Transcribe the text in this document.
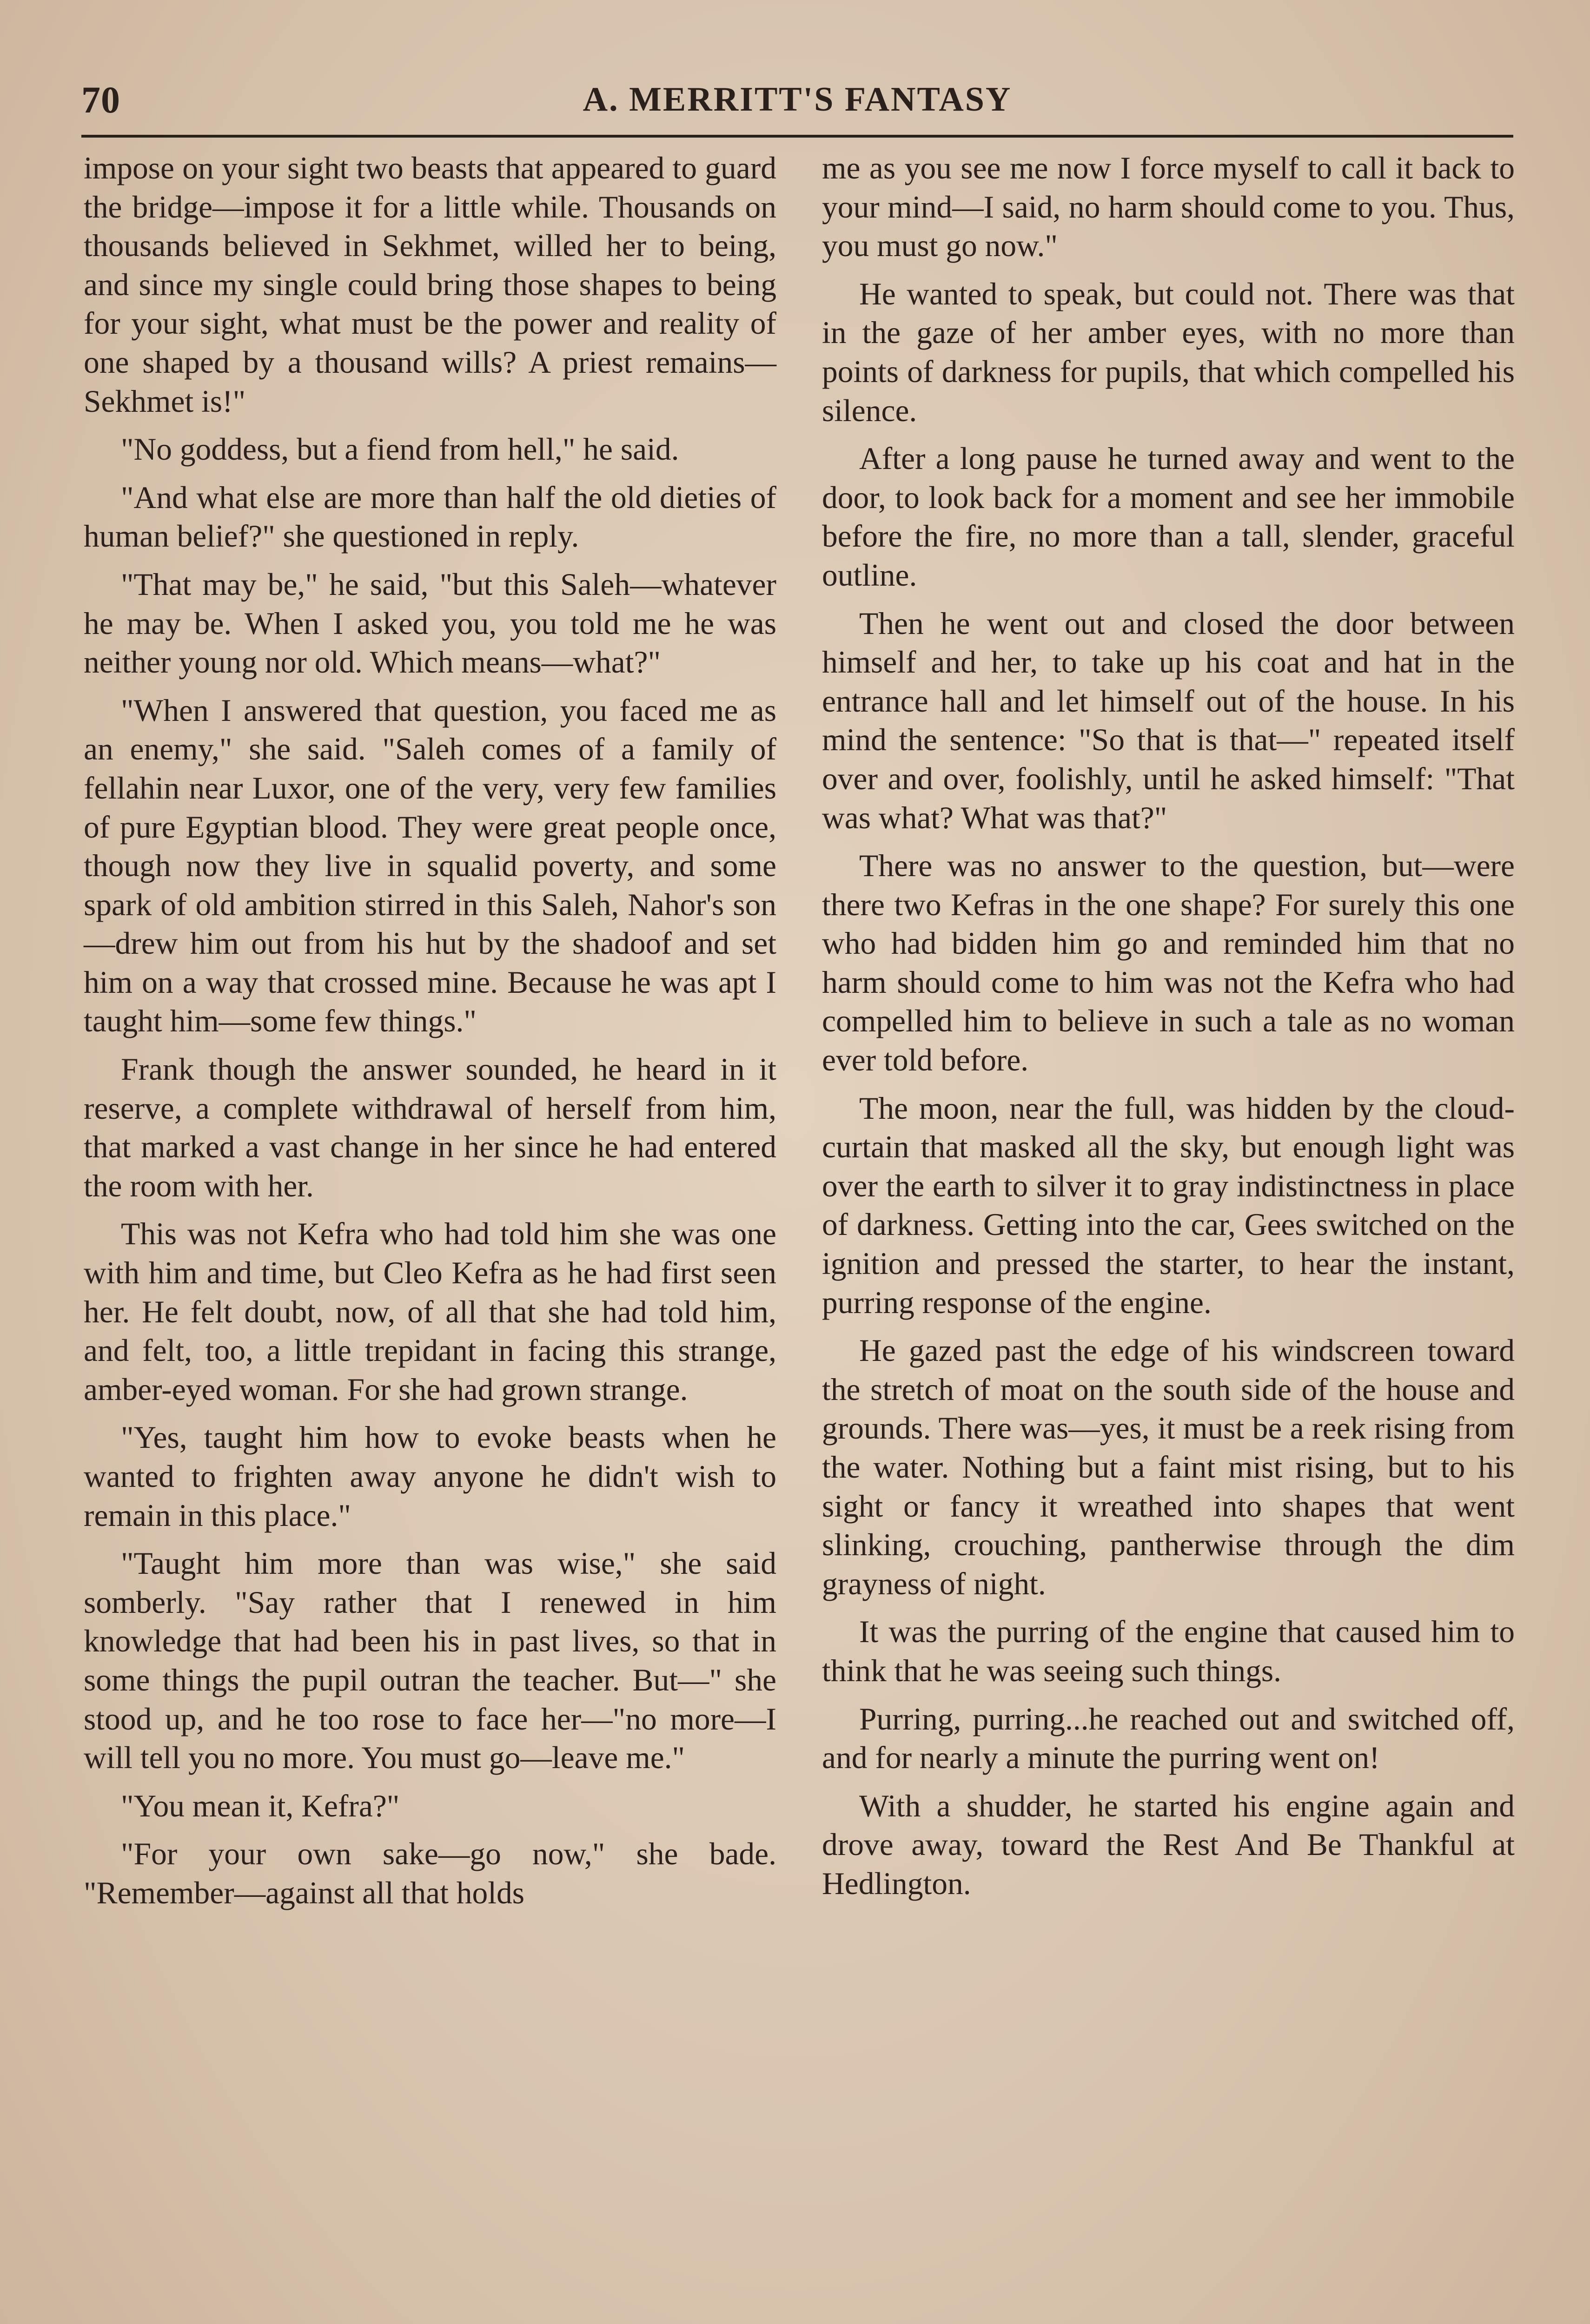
70	A. MERRITT'S FANTASY

impose on your sight two beasts that appeared to guard the bridge—impose it for a little while. Thousands on thousands believed in Sekhmet, willed her to being, and since my single could bring those shapes to being for your sight, what must be the power and reality of one shaped by a thousand wills? A priest remains—Sekhmet is!"

"No goddess, but a fiend from hell," he said.

"And what else are more than half the old dieties of human belief?" she questioned in reply.

"That may be," he said, "but this Saleh—whatever he may be. When I asked you, you told me he was neither young nor old. Which means—what?"

"When I answered that question, you faced me as an enemy," she said. "Saleh comes of a family of fellahin near Luxor, one of the very, very few families of pure Egyptian blood. They were great people once, though now they live in squalid poverty, and some spark of old ambition stirred in this Saleh, Nahor's son—drew him out from his hut by the shadoof and set him on a way that crossed mine. Because he was apt I taught him—some few things."

Frank though the answer sounded, he heard in it reserve, a complete withdrawal of herself from him, that marked a vast change in her since he had entered the room with her.

This was not Kefra who had told him she was one with him and time, but Cleo Kefra as he had first seen her. He felt doubt, now, of all that she had told him, and felt, too, a little trepidant in facing this strange, amber-eyed woman. For she had grown strange.

"Yes, taught him how to evoke beasts when he wanted to frighten away anyone he didn't wish to remain in this place."

"Taught him more than was wise," she said somberly. "Say rather that I renewed in him knowledge that had been his in past lives, so that in some things the pupil outran the teacher. But—" she stood up, and he too rose to face her—"no more—I will tell you no more. You must go—leave me."

"You mean it, Kefra?"

"For your own sake—go now," she bade. "Remember—against all that holds

me as you see me now I force myself to call it back to your mind—I said, no harm should come to you. Thus, you must go now."

He wanted to speak, but could not. There was that in the gaze of her amber eyes, with no more than points of darkness for pupils, that which compelled his silence.

After a long pause he turned away and went to the door, to look back for a moment and see her immobile before the fire, no more than a tall, slender, graceful outline.

Then he went out and closed the door between himself and her, to take up his coat and hat in the entrance hall and let himself out of the house. In his mind the sentence: "So that is that—" repeated itself over and over, foolishly, until he asked himself: "That was what? What was that?"

There was no answer to the question, but—were there two Kefras in the one shape? For surely this one who had bidden him go and reminded him that no harm should come to him was not the Kefra who had compelled him to believe in such a tale as no woman ever told before.

The moon, near the full, was hidden by the cloud-curtain that masked all the sky, but enough light was over the earth to silver it to gray indistinctness in place of darkness. Getting into the car, Gees switched on the ignition and pressed the starter, to hear the instant, purring response of the engine.

He gazed past the edge of his windscreen toward the stretch of moat on the south side of the house and grounds. There was—yes, it must be a reek rising from the water. Nothing but a faint mist rising, but to his sight or fancy it wreathed into shapes that went slinking, crouching, pantherwise through the dim grayness of night.

It was the purring of the engine that caused him to think that he was seeing such things.

Purring, purring...he reached out and switched off, and for nearly a minute the purring went on!

With a shudder, he started his engine again and drove away, toward the Rest And Be Thankful at Hedlington.
